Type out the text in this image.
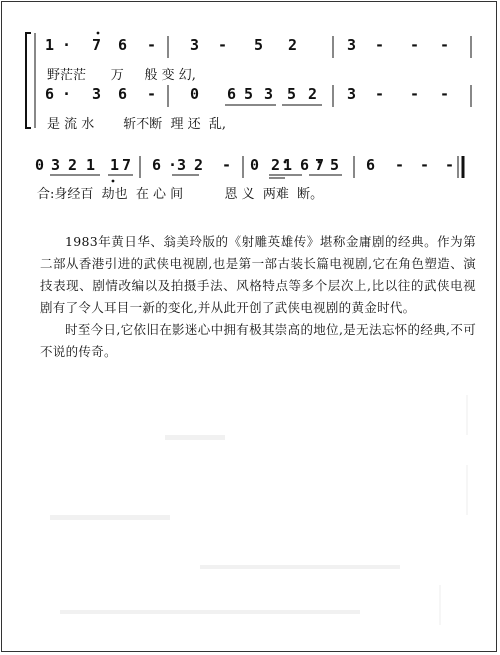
1 · 7 6 - 3 - 5 2	3 - - -
6 · 3 6 - 0 6 5 3 5 2 3 - - -
0 3 2 1 1 7 6 · 3 2 - 0 2 1 6 7 5 6 - - -
野茫茫      万     般 变 幻,
是 流 水       斩不断  理 还  乱,
合:身经百  劫也  在 心 间          恩 义  两难  断。
1983年黄日华、翁美玲版的《射雕英雄传》堪称金庸剧的经典。作为第二部从香港引进的武侠电视剧,也是第一部古装长篇电视剧,它在角色塑造、演技表现、剧情改编以及拍摄手法、风格特点等多个层次上,比以往的武侠电视剧有了令人耳目一新的变化,并从此开创了武侠电视剧的黄金时代。
时至今日,它依旧在影迷心中拥有极其崇高的地位,是无法忘怀的经典,不可不说的传奇。
